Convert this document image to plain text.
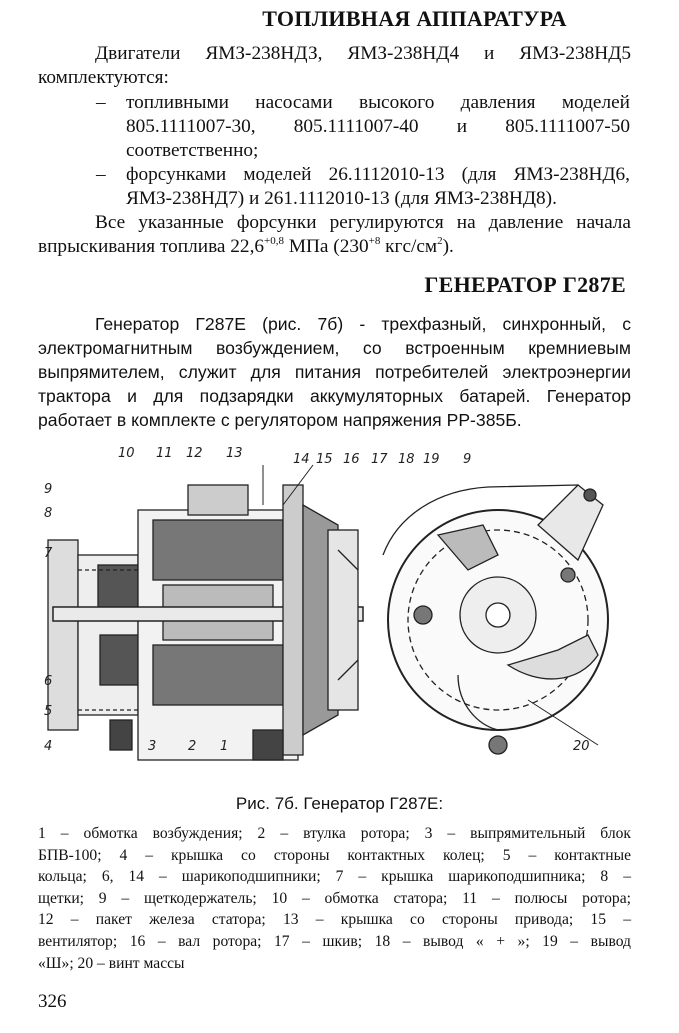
ТОПЛИВНАЯ АППАРАТУРА
Двигатели ЯМЗ-238НДЗ, ЯМЗ-238НД4 и ЯМЗ-238НД5
комплектуются:
– топливными насосами высокого давления моделей
805.1111007-30, 805.1111007-40 и 805.1111007-50
соответственно;
– форсунками моделей 26.1112010-13 (для ЯМЗ-238НД6,
ЯМЗ-238НД7) и 261.1112010-13 (для ЯМЗ-238НД8).
Все указанные форсунки регулируются на давление начала
впрыскивания топлива $22,6^{+0,8}$ МПа ($230^{+8}$ кгс/$см^2$).
ГЕНЕРАТОР Г287Е
Генератор Г287Е (рис. 7б) - трехфазный, синхронный, с
электромагнитным возбуждением, со встроенным кремниевым
выпрямителем, служит для питания потребителей электроэнергии
трактора и для подзарядки аккумуляторных батарей. Генератор
работает в комплекте с регулятором напряжения РР-385Б.
10 11 12 13	14 15 16 17
9
8
7
6
5
4	3 2 1
18 19 9
20
Рис. 7б. Генератор Г287Е:
1 – обмотка возбуждения; 2 – втулка ротора; 3 – выпрямительный блок
БПВ-100; 4 – крышка со стороны контактных колец; 5 – контактные
кольца; 6, 14 – шарикоподшипники; 7 – крышка шарикоподшипника; 8 –
щетки; 9 – щеткодержатель; 10 – обмотка статора; 11 – полюсы ротора;
12 – пакет железа статора; 13 – крышка со стороны привода; 15 –
вентилятор; 16 – вал ротора; 17 – шкив; 18 – вывод « + »; 19 – вывод
«Ш»; 20 – винт массы
326
